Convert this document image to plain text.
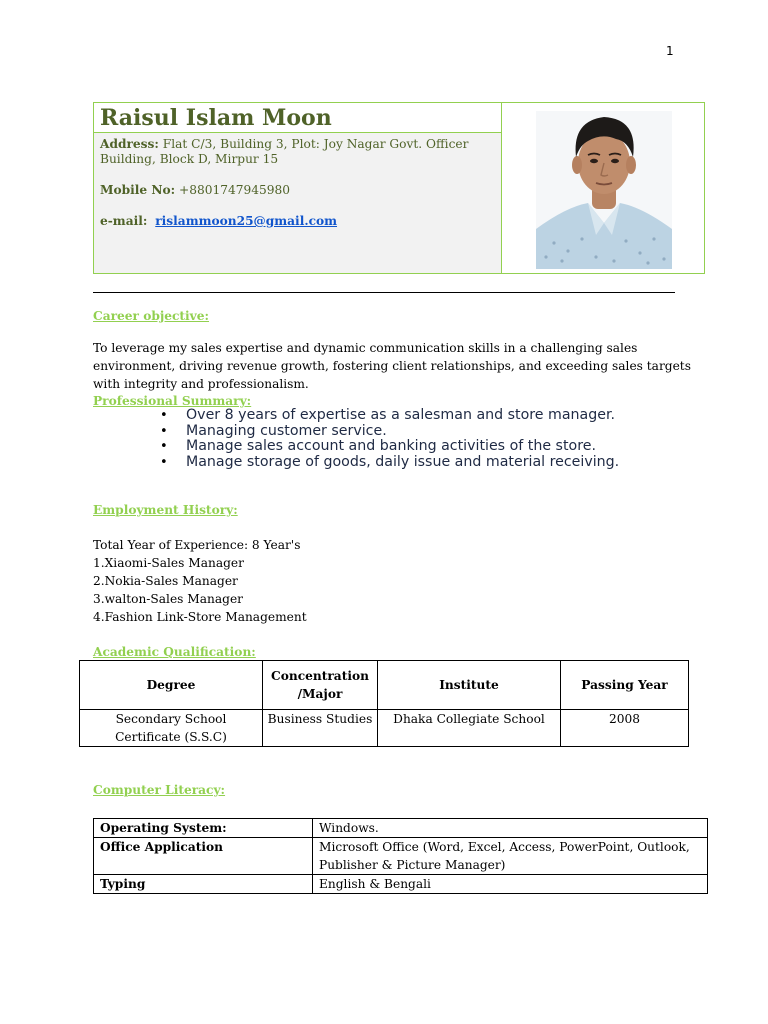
1
Raisul Islam Moon
Address: Flat C/3, Building 3, Plot: Joy Nagar Govt. Officer Building, Block D, Mirpur 15
Mobile No: +8801747945980
e-mail: rislammoon25@gmail.com
Career objective:
To leverage my sales expertise and dynamic communication skills in a challenging sales environment, driving revenue growth, fostering client relationships, and exceeding sales targets with integrity and professionalism.
Professional Summary:
• Over 8 years of expertise as a salesman and store manager.
• Managing customer service.
• Manage sales account and banking activities of the store.
• Manage storage of goods, daily issue and material receiving.
Employment History:
Total Year of Experience: 8 Year's
1.Xiaomi-Sales Manager
2.Nokia-Sales Manager
3.walton-Sales Manager
4.Fashion Link-Store Management
Academic Qualification:
Degree	Concentration /Major	Institute	Passing Year
Secondary School Certificate (S.S.C)	Business Studies	Dhaka Collegiate School	2008
Computer Literacy:
Operating System:	Windows.
Office Application	Microsoft Office (Word, Excel, Access, PowerPoint, Outlook, Publisher & Picture Manager)
Typing	English & Bengali
